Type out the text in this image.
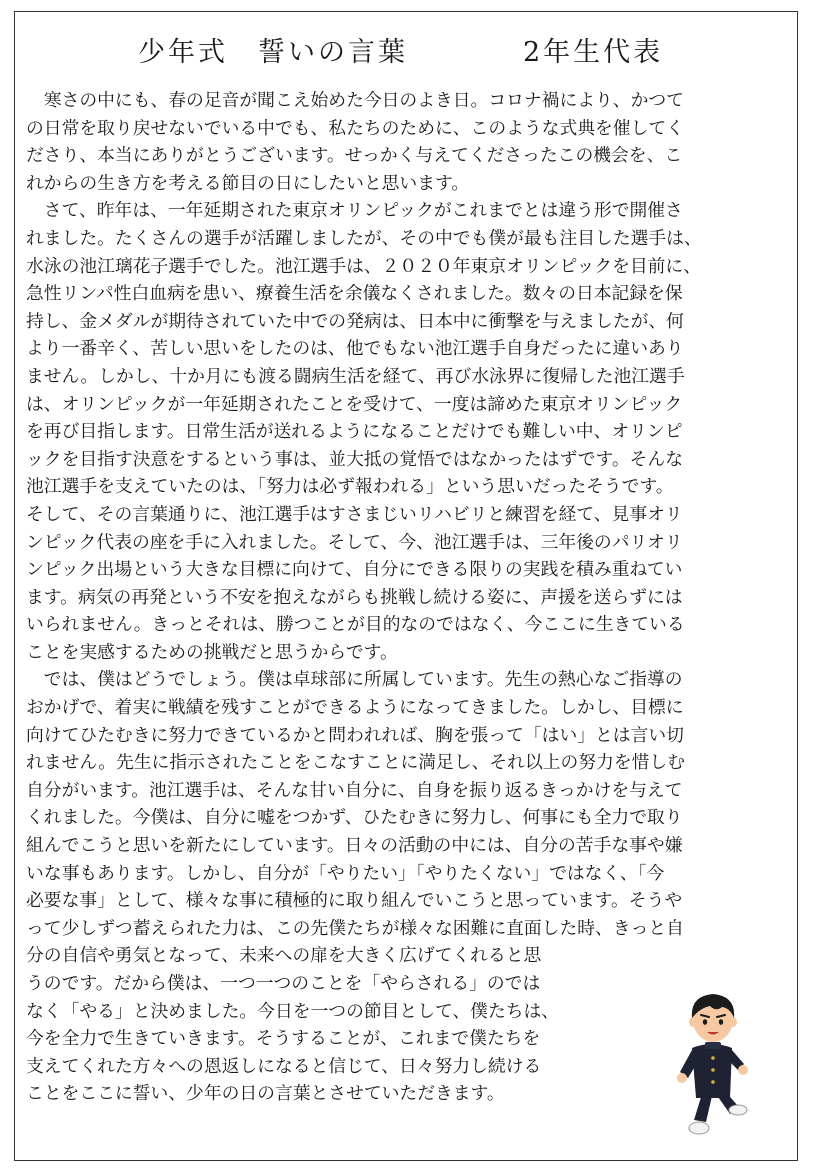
少年式　誓いの言葉	2年生代表
　寒さの中にも、春の足音が聞こえ始めた今日のよき日。コロナ禍により、かつて
の日常を取り戻せないでいる中でも、私たちのために、このような式典を催してく
ださり、本当にありがとうございます。せっかく与えてくださったこの機会を、こ
れからの生き方を考える節目の日にしたいと思います。
　さて、昨年は、一年延期された東京オリンピックがこれまでとは違う形で開催さ
れました。たくさんの選手が活躍しましたが、その中でも僕が最も注目した選手は、
水泳の池江璃花子選手でした。池江選手は、２０２０年東京オリンピックを目前に、
急性リンパ性白血病を患い、療養生活を余儀なくされました。数々の日本記録を保
持し、金メダルが期待されていた中での発病は、日本中に衝撃を与えましたが、何
より一番辛く、苦しい思いをしたのは、他でもない池江選手自身だったに違いあり
ません。しかし、十か月にも渡る闘病生活を経て、再び水泳界に復帰した池江選手
は、オリンピックが一年延期されたことを受けて、一度は諦めた東京オリンピック
を再び目指します。日常生活が送れるようになることだけでも難しい中、オリンピ
ックを目指す決意をするという事は、並大抵の覚悟ではなかったはずです。そんな
池江選手を支えていたのは、「努力は必ず報われる」という思いだったそうです。
そして、その言葉通りに、池江選手はすさまじいリハビリと練習を経て、見事オリ
ンピック代表の座を手に入れました。そして、今、池江選手は、三年後のパリオリ
ンピック出場という大きな目標に向けて、自分にできる限りの実践を積み重ねてい
ます。病気の再発という不安を抱えながらも挑戦し続ける姿に、声援を送らずには
いられません。きっとそれは、勝つことが目的なのではなく、今ここに生きている
ことを実感するための挑戦だと思うからです。
　では、僕はどうでしょう。僕は卓球部に所属しています。先生の熱心なご指導の
おかげで、着実に戦績を残すことができるようになってきました。しかし、目標に
向けてひたむきに努力できているかと問われれば、胸を張って「はい」とは言い切
れません。先生に指示されたことをこなすことに満足し、それ以上の努力を惜しむ
自分がいます。池江選手は、そんな甘い自分に、自身を振り返るきっかけを与えて
くれました。今僕は、自分に嘘をつかず、ひたむきに努力し、何事にも全力で取り
組んでこうと思いを新たにしています。日々の活動の中には、自分の苦手な事や嫌
いな事もあります。しかし、自分が「やりたい」「やりたくない」ではなく、「今
必要な事」として、様々な事に積極的に取り組んでいこうと思っています。そうや
って少しずつ蓄えられた力は、この先僕たちが様々な困難に直面した時、きっと自
分の自信や勇気となって、未来への扉を大きく広げてくれると思
うのです。だから僕は、一つ一つのことを「やらされる」のでは
なく「やる」と決めました。今日を一つの節目として、僕たちは、
今を全力で生きていきます。そうすることが、これまで僕たちを
支えてくれた方々への恩返しになると信じて、日々努力し続ける
ことをここに誓い、少年の日の言葉とさせていただきます。
